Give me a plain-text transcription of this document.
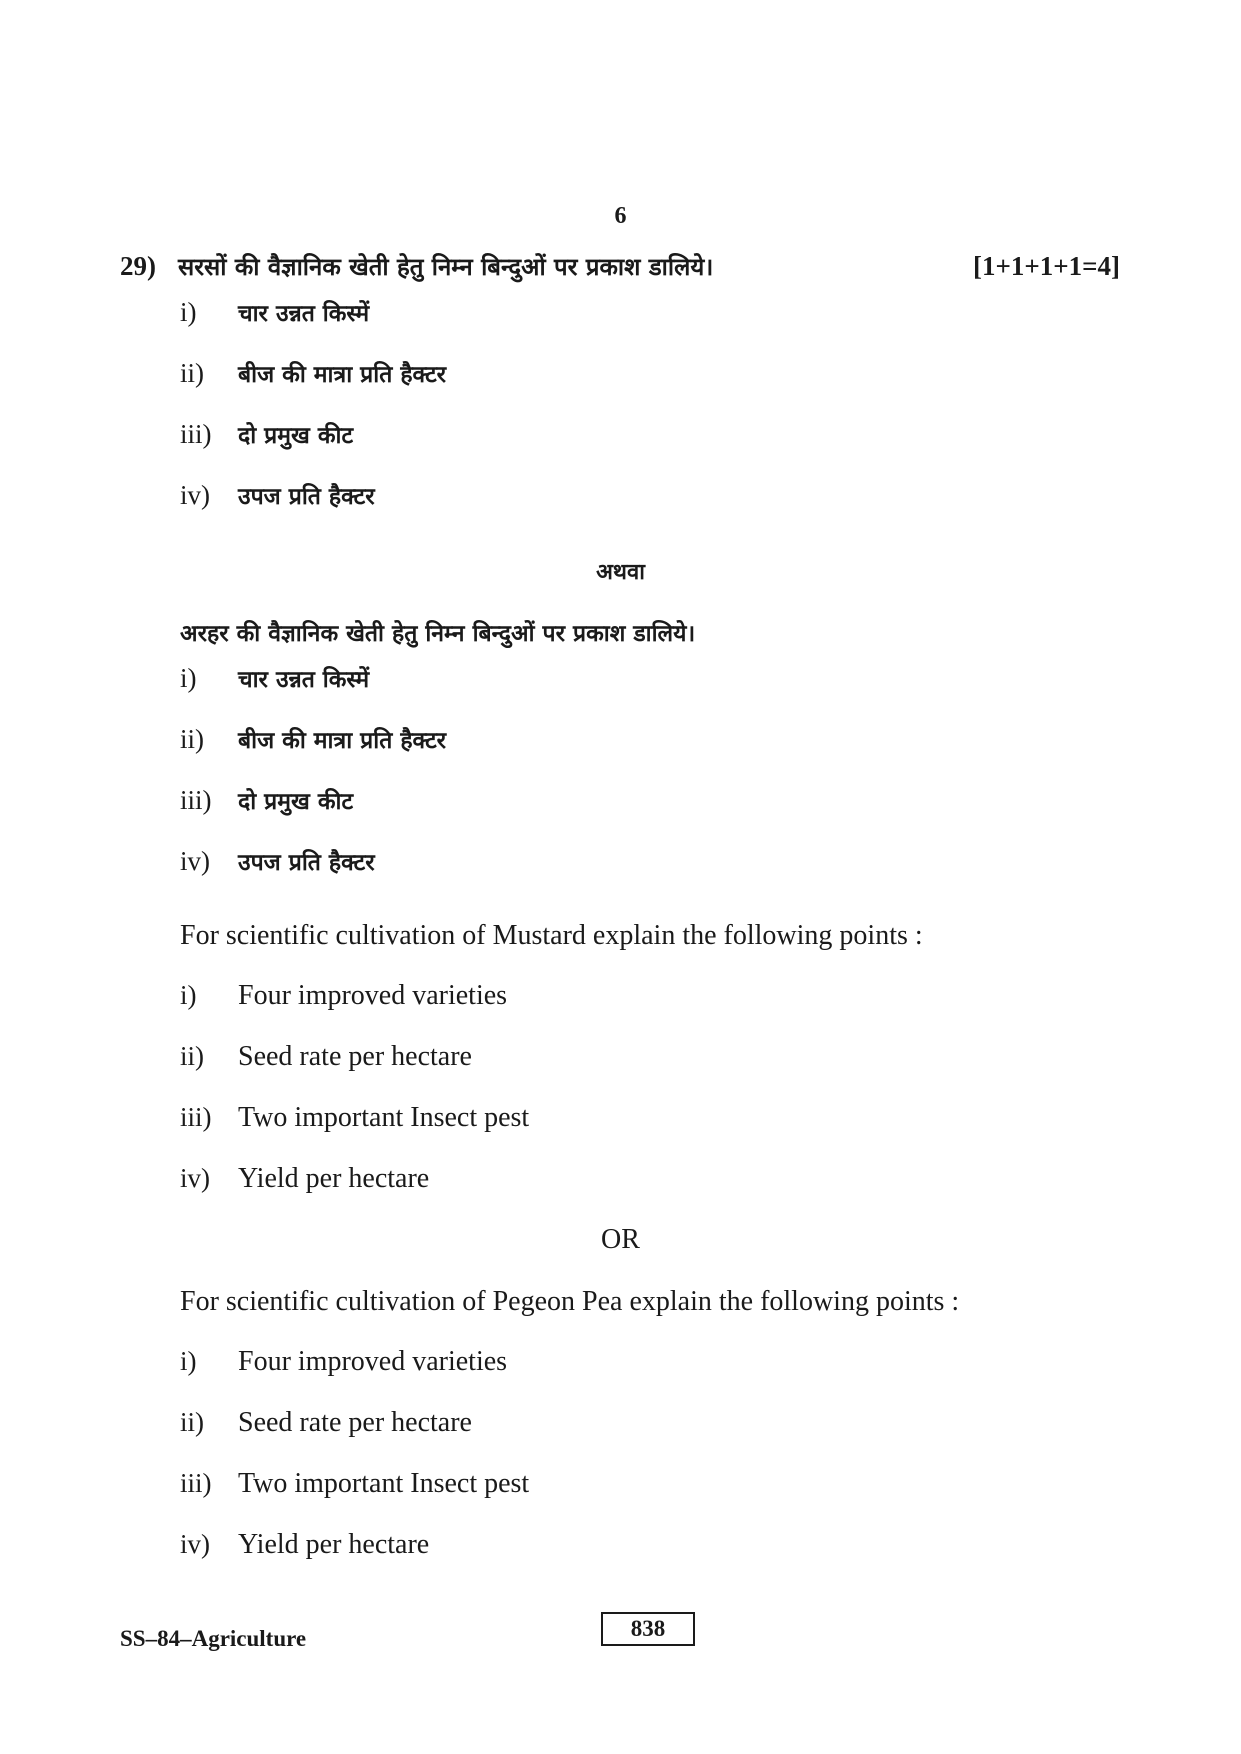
6
29) सरसों की वैज्ञानिक खेती हेतु निम्न बिन्दुओं पर प्रकाश डालिये।	[1+1+1+1=4]
i)	चार उन्नत किस्में
ii)	बीज की मात्रा प्रति हैक्टर
iii)	दो प्रमुख कीट
iv)	उपज प्रति हैक्टर
अथवा
अरहर की वैज्ञानिक खेती हेतु निम्न बिन्दुओं पर प्रकाश डालिये।
i)	चार उन्नत किस्में
ii)	बीज की मात्रा प्रति हैक्टर
iii)	दो प्रमुख कीट
iv)	उपज प्रति हैक्टर
For scientific cultivation of Mustard explain the following points :
i)	Four improved varieties
ii)	Seed rate per hectare
iii) Two important Insect pest
iv)	Yield per hectare
OR
For scientific cultivation of Pegeon Pea explain the following points :
i)	Four improved varieties
ii)	Seed rate per hectare
iii) Two important Insect pest
iv)	Yield per hectare
SS–84–Agriculture	838
